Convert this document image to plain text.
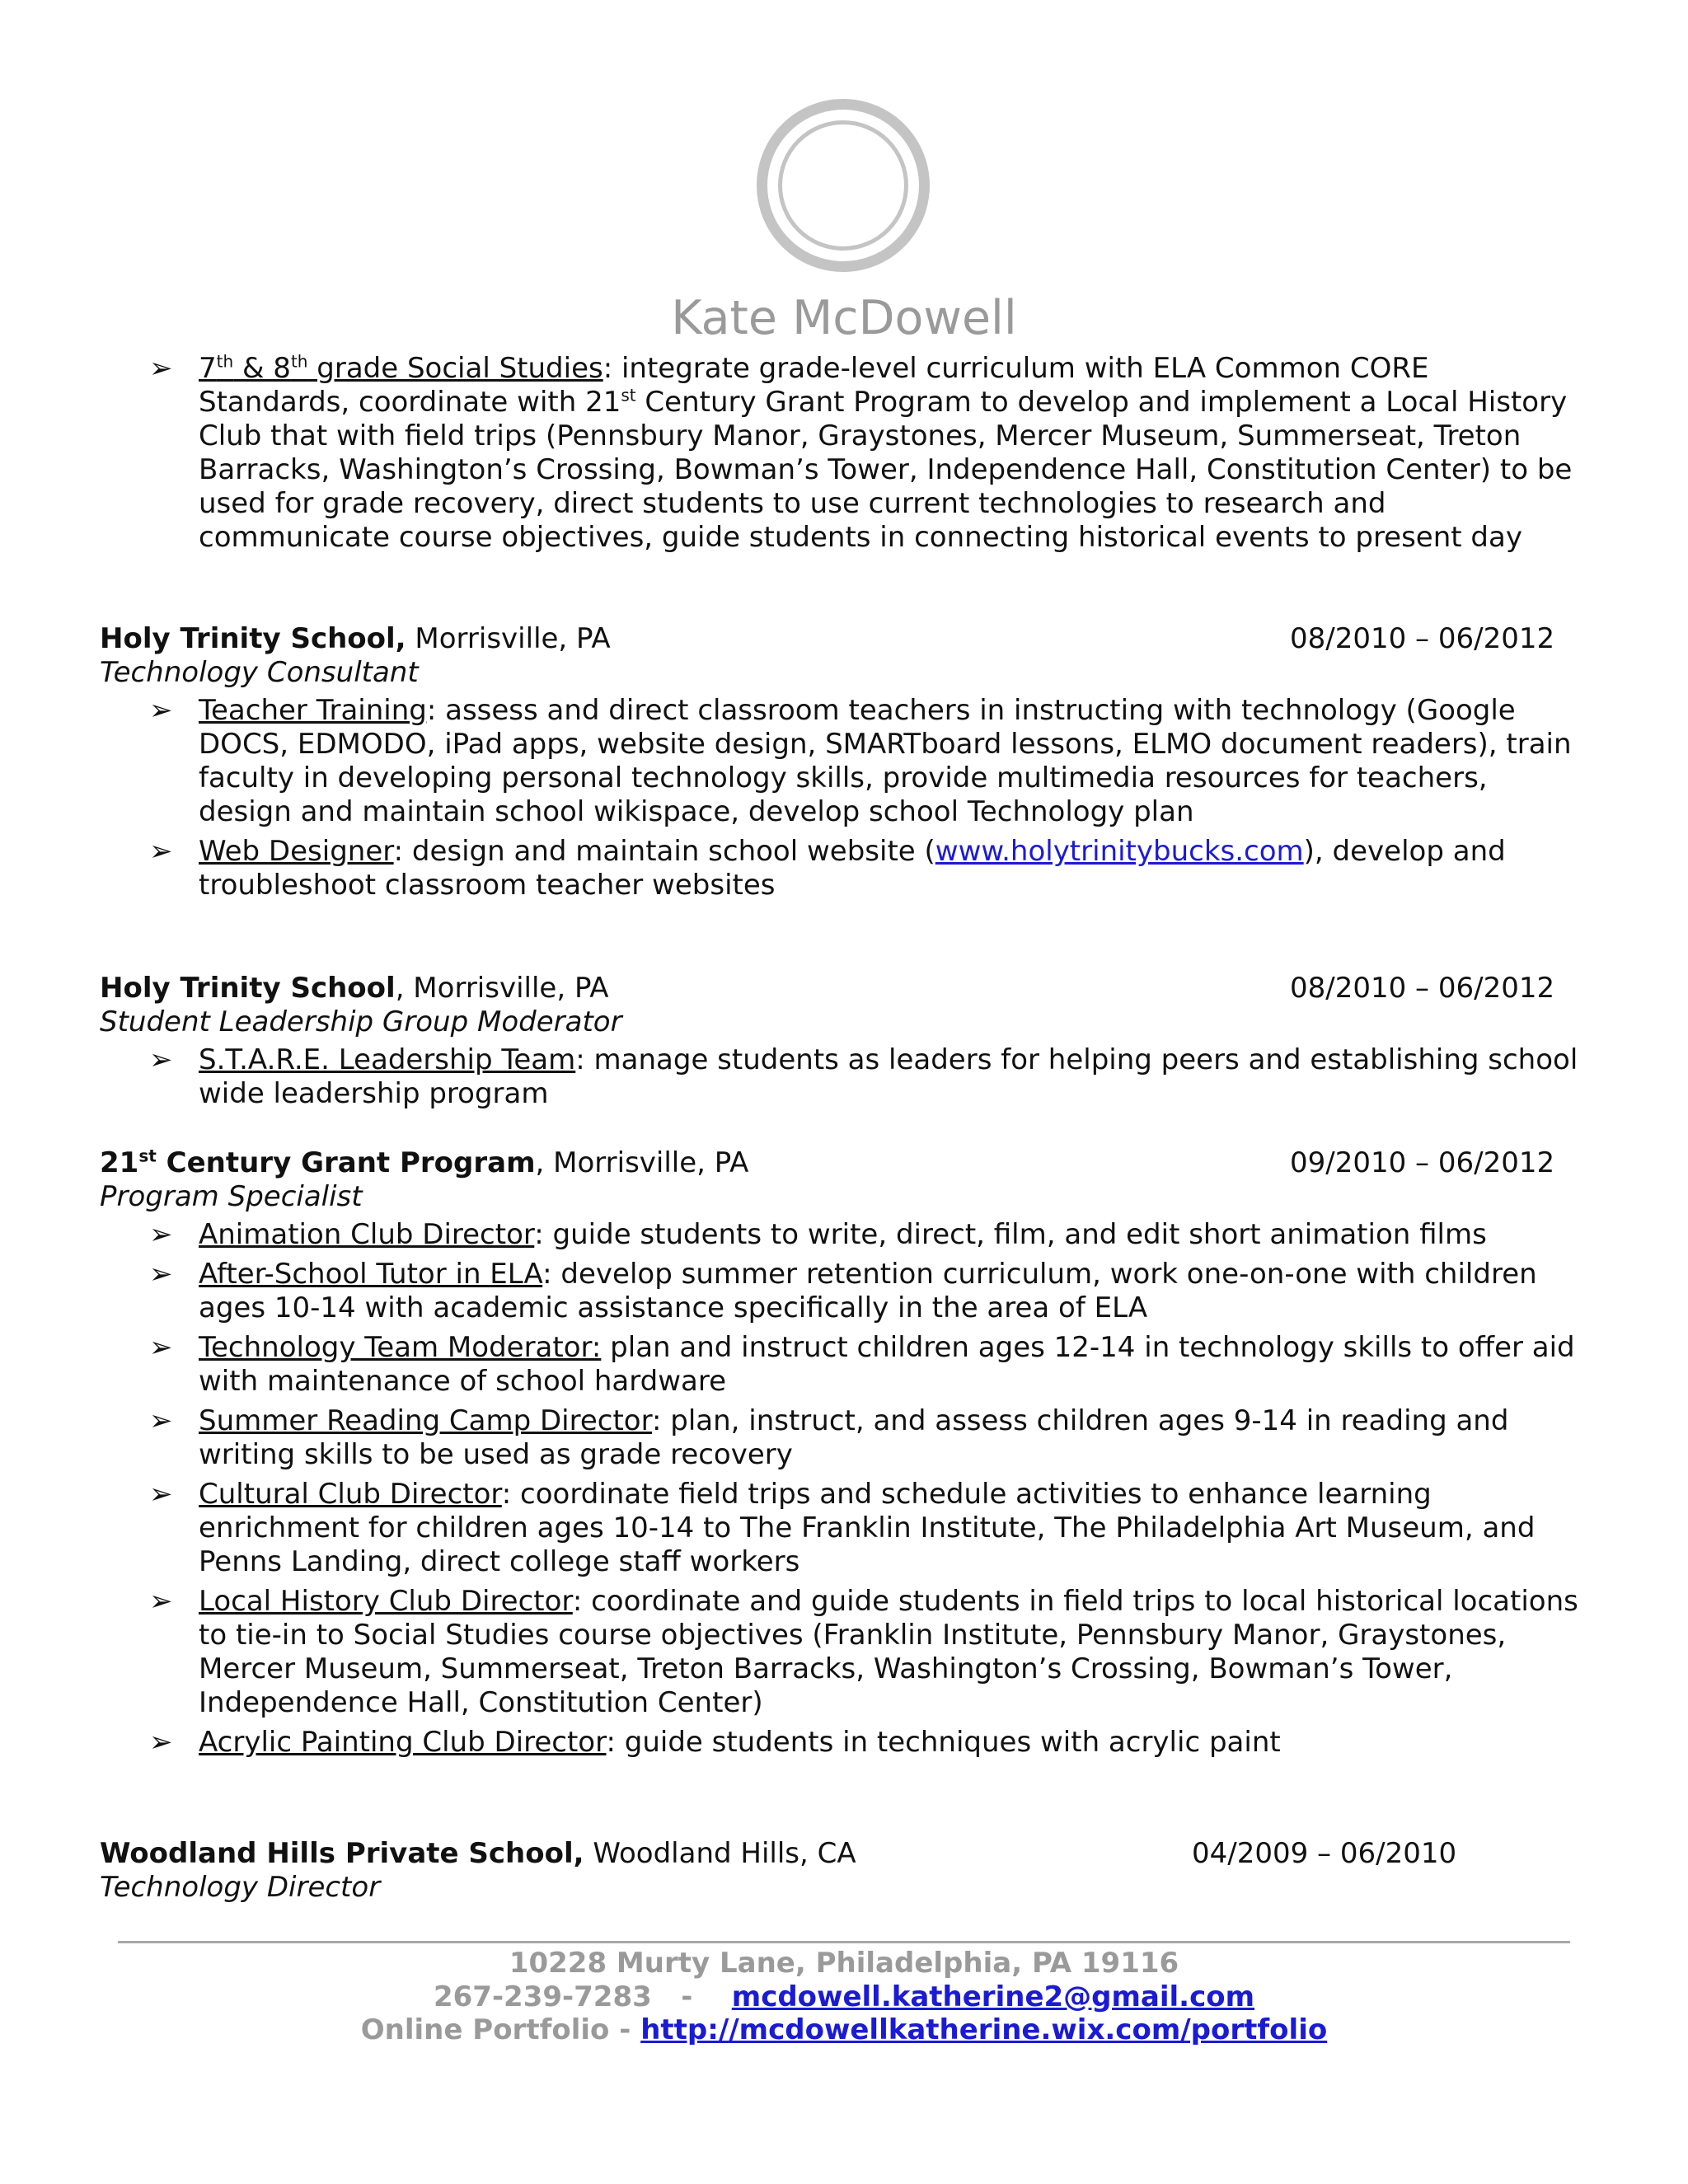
Kate McDowell
➢ 7th & 8th grade Social Studies: integrate grade-level curriculum with ELA Common CORE Standards, coordinate with 21st Century Grant Program to develop and implement a Local History Club that with field trips (Pennsbury Manor, Graystones, Mercer Museum, Summerseat, Treton Barracks, Washington’s Crossing, Bowman’s Tower, Independence Hall, Constitution Center) to be used for grade recovery, direct students to use current technologies to research and communicate course objectives, guide students in connecting historical events to present day
Holy Trinity School, Morrisville, PA	08/2010 – 06/2012
Technology Consultant
➢ Teacher Training: assess and direct classroom teachers in instructing with technology (Google DOCS, EDMODO, iPad apps, website design, SMARTboard lessons, ELMO document readers), train faculty in developing personal technology skills, provide multimedia resources for teachers, design and maintain school wikispace, develop school Technology plan
➢ Web Designer: design and maintain school website (www.holytrinitybucks.com), develop and troubleshoot classroom teacher websites
Holy Trinity School, Morrisville, PA	08/2010 – 06/2012
Student Leadership Group Moderator
➢ S.T.A.R.E. Leadership Team: manage students as leaders for helping peers and establishing school wide leadership program
21st Century Grant Program, Morrisville, PA	09/2010 – 06/2012
Program Specialist
➢ Animation Club Director: guide students to write, direct, film, and edit short animation films
➢ After-School Tutor in ELA: develop summer retention curriculum, work one-on-one with children ages 10-14 with academic assistance specifically in the area of ELA
➢ Technology Team Moderator: plan and instruct children ages 12-14 in technology skills to offer aid with maintenance of school hardware
➢ Summer Reading Camp Director: plan, instruct, and assess children ages 9-14 in reading and writing skills to be used as grade recovery
➢ Cultural Club Director: coordinate field trips and schedule activities to enhance learning enrichment for children ages 10-14 to The Franklin Institute, The Philadelphia Art Museum, and Penns Landing, direct college staff workers
➢ Local History Club Director: coordinate and guide students in field trips to local historical locations to tie-in to Social Studies course objectives (Franklin Institute, Pennsbury Manor, Graystones, Mercer Museum, Summerseat, Treton Barracks, Washington’s Crossing, Bowman’s Tower, Independence Hall, Constitution Center)
➢ Acrylic Painting Club Director: guide students in techniques with acrylic paint
Woodland Hills Private School, Woodland Hills, CA	04/2009 – 06/2010
Technology Director
10228 Murty Lane, Philadelphia, PA 19116
267-239-7283 - mcdowell.katherine2@gmail.com
Online Portfolio - http://mcdowellkatherine.wix.com/portfolio
